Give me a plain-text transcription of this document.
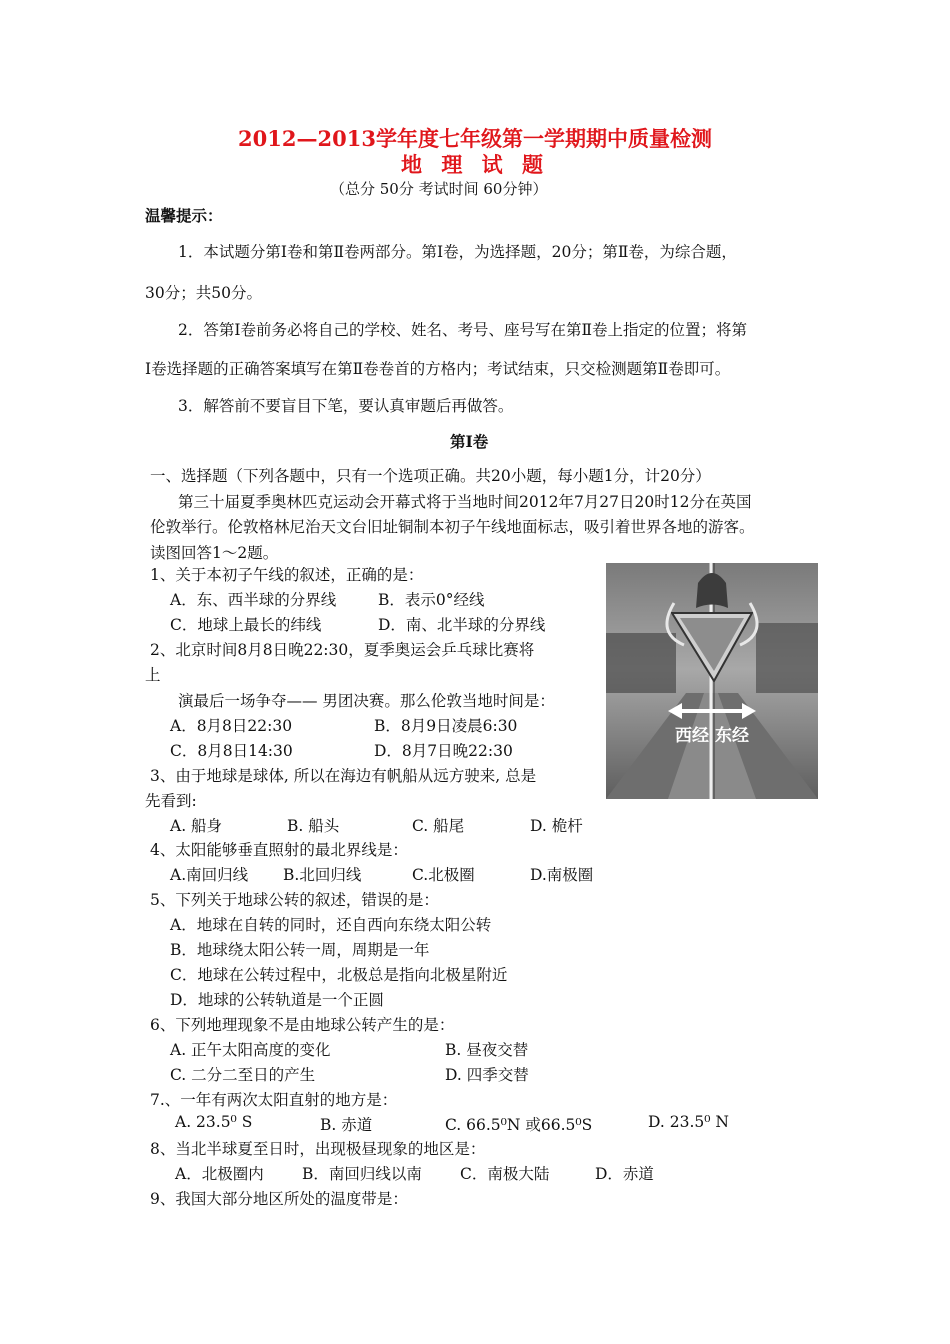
2012—2013学年度七年级第一学期期中质量检测
地 理 试 题
（总分 50分 考试时间 60分钟）
温馨提示：
1．本试题分第Ⅰ卷和第Ⅱ卷两部分。第Ⅰ卷，为选择题，20分；第Ⅱ卷，为综合题，
30分；共50分。
2．答第Ⅰ卷前务必将自己的学校、姓名、考号、座号写在第Ⅱ卷上指定的位置；将第
Ⅰ卷选择题的正确答案填写在第Ⅱ卷卷首的方格内；考试结束，只交检测题第Ⅱ卷即可。
3．解答前不要盲目下笔，要认真审题后再做答。
第Ⅰ卷
一、选择题（下列各题中，只有一个选项正确。共20小题，每小题1分，计20分）
第三十届夏季奥林匹克运动会开幕式将于当地时间2012年7月27日20时12分在英国
伦敦举行。伦敦格林尼治天文台旧址铜制本初子午线地面标志，吸引着世界各地的游客。
读图回答1～2题。
西经 东经
1、关于本初子午线的叙述，正确的是：
A．东、西半球的分界线	B．表示0°经线
C．地球上最长的纬线	D．南、北半球的分界线
2、北京时间8月8日晚22:30，夏季奥运会乒乓球比赛将
上
演最后一场争夺—— 男团决赛。那么伦敦当地时间是：
A．8月8日22:30	B．8月9日凌晨6:30
C．8月8日14:30	D．8月7日晚22:30
3、由于地球是球体, 所以在海边有帆船从远方驶来, 总是
先看到:
A. 船身	B. 船头	C. 船尾	D. 桅杆
4、太阳能够垂直照射的最北界线是：
A.南回归线 B.北回归线	C.北极圈	D.南极圈
5、下列关于地球公转的叙述，错误的是：
A．地球在自转的同时，还自西向东绕太阳公转
B．地球绕太阳公转一周，周期是一年
C．地球在公转过程中，北极总是指向北极星附近
D．地球的公转轨道是一个正圆
6、下列地理现象不是由地球公转产生的是：
A. 正午太阳高度的变化	B. 昼夜交替
C. 二分二至日的产生	D. 四季交替
7.、一年有两次太阳直射的地方是：
A. 23.5⁰ S	B. 赤道	C. 66.5⁰N 或66.5⁰S	D. 23.5⁰ N
8、当北半球夏至日时，出现极昼现象的地区是：
A．北极圈内 B．南回归线以南 C．南极大陆	D．赤道
9、我国大部分地区所处的温度带是：
